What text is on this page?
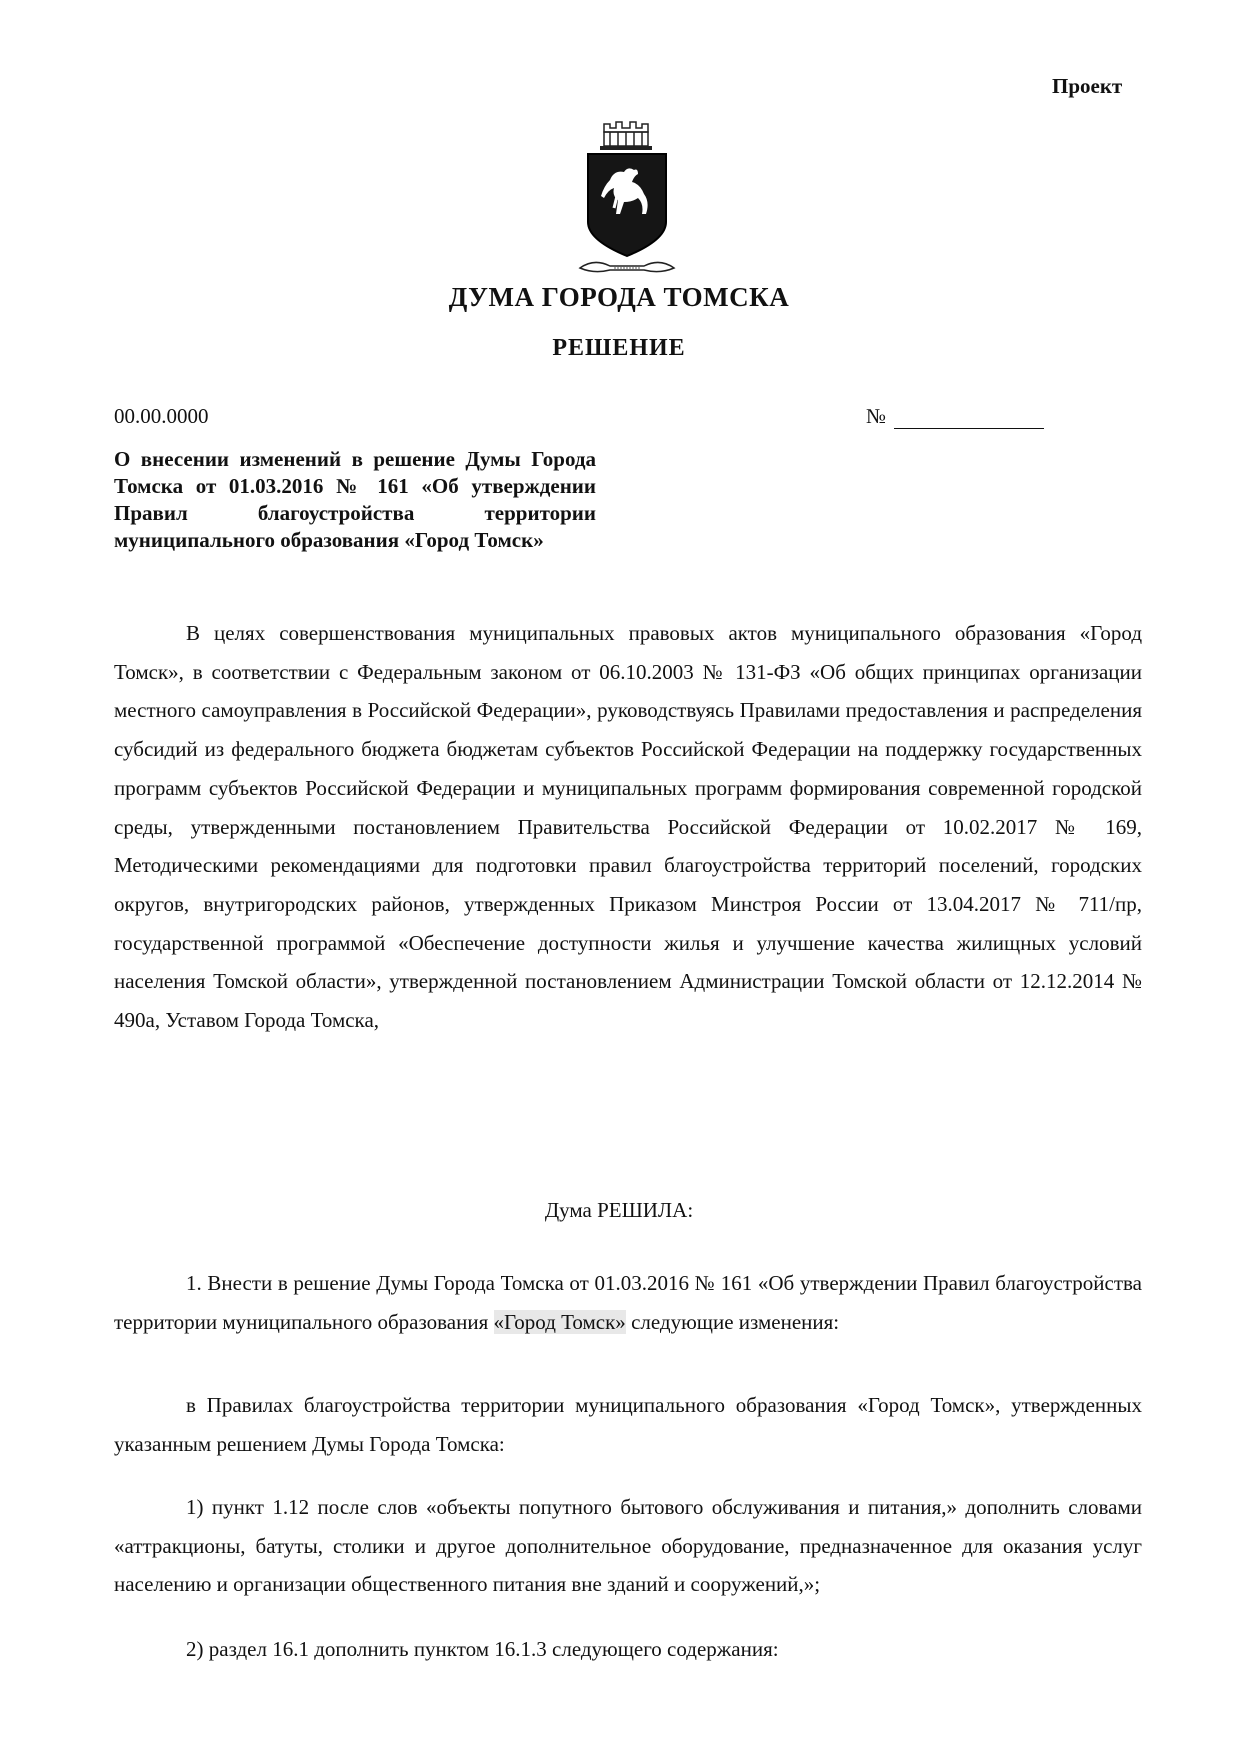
Проект
ДУМА ГОРОДА ТОМСКА
РЕШЕНИЕ
00.00.0000	№
О внесении изменений в решение Думы Города Томска от 01.03.2016 № 161 «Об утверждении Правил благоустройства территории муниципального образования «Город Томск»

В целях совершенствования муниципальных правовых актов муниципального образования «Город Томск», в соответствии с Федеральным законом от 06.10.2003 № 131-ФЗ «Об общих принципах организации местного самоуправления в Российской Федерации», руководствуясь Правилами предоставления и распределения субсидий из федерального бюджета бюджетам субъектов Российской Федерации на поддержку государственных программ субъектов Российской Федерации и муниципальных программ формирования современной городской среды, утвержденными постановлением Правительства Российской Федерации от 10.02.2017 № 169, Методическими рекомендациями для подготовки правил благоустройства территорий поселений, городских округов, внутригородских районов, утвержденных Приказом Минстроя России от 13.04.2017 № 711/пр, государственной программой «Обеспечение доступности жилья и улучшение качества жилищных условий населения Томской области», утвержденной постановлением Администрации Томской области от 12.12.2014 № 490а, Уставом Города Томска,

Дума РЕШИЛА:

1. Внести в решение Думы Города Томска от 01.03.2016 № 161 «Об утверждении Правил благоустройства территории муниципального образования «Город Томск» следующие изменения:

в Правилах благоустройства территории муниципального образования «Город Томск», утвержденных указанным решением Думы Города Томска:

1) пункт 1.12 после слов «объекты попутного бытового обслуживания и питания,» дополнить словами «аттракционы, батуты, столики и другое дополнительное оборудование, предназначенное для оказания услуг населению и организации общественного питания вне зданий и сооружений,»;

2) раздел 16.1 дополнить пунктом 16.1.3 следующего содержания:
